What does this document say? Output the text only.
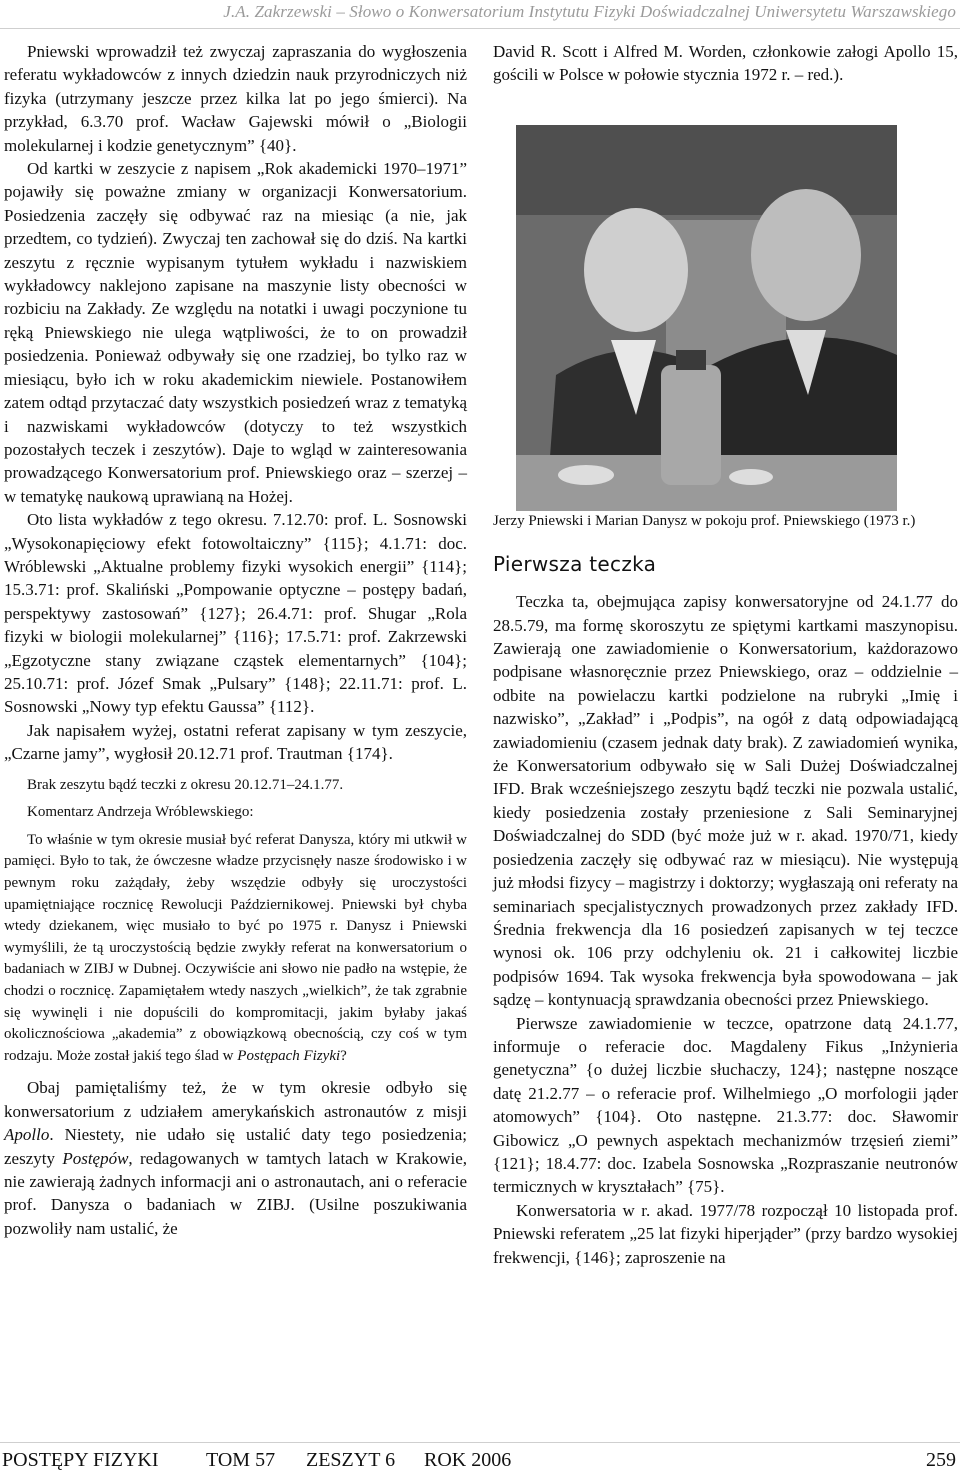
J.A. Zakrzewski – Słowo o Konwersatorium Instytutu Fizyki Doświadczalnej Uniwersytetu Warszawskiego

Pniewski wprowadził też zwyczaj zapraszania do wygłoszenia referatu wykładowców z innych dziedzin nauk przyrodniczych niż fizyka (utrzymany jeszcze przez kilka lat po jego śmierci). Na przykład, 6.3.70 prof. Wacław Gajewski mówił o „Biologii molekularnej i kodzie genetycznym” {40}.

Od kartki w zeszycie z napisem „Rok akademicki 1970–1971” pojawiły się poważne zmiany w organizacji Konwersatorium. Posiedzenia zaczęły się odbywać raz na miesiąc (a nie, jak przedtem, co tydzień). Zwyczaj ten zachował się do dziś. Na kartki zeszytu z ręcznie wypisanym tytułem wykładu i nazwiskiem wykładowcy naklejono zapisane na maszynie listy obecności w rozbiciu na Zakłady. Ze względu na notatki i uwagi poczynione tu ręką Pniewskiego nie ulega wątpliwości, że to on prowadził posiedzenia. Ponieważ odbywały się one rzadziej, bo tylko raz w miesiącu, było ich w roku akademickim niewiele. Postanowiłem zatem odtąd przytaczać daty wszystkich posiedzeń wraz z tematyką i nazwiskami wykładowców (dotyczy to też wszystkich pozostałych teczek i zeszytów). Daje to wgląd w zainteresowania prowadzącego Konwersatorium prof. Pniewskiego oraz – szerzej – w tematykę naukową uprawianą na Hożej.

Oto lista wykładów z tego okresu. 7.12.70: prof. L. Sosnowski „Wysokonapięciowy efekt fotowoltaiczny” {115}; 4.1.71: doc. Wróblewski „Aktualne problemy fizyki wysokich energii” {114}; 15.3.71: prof. Skaliński „Pompowanie optyczne – postępy badań, perspektywy zastosowań” {127}; 26.4.71: prof. Shugar „Rola fizyki w biologii molekularnej” {116}; 17.5.71: prof. Zakrzewski „Egzotyczne stany związane cząstek elementarnych” {104}; 25.10.71: prof. Józef Smak „Pulsary” {148}; 22.11.71: prof. L. Sosnowski „Nowy typ efektu Gaussa” {112}.

Jak napisałem wyżej, ostatni referat zapisany w tym zeszycie, „Czarne jamy”, wygłosił 20.12.71 prof. Trautman {174}.

Brak zeszytu bądź teczki z okresu 20.12.71–24.1.77.

Komentarz Andrzeja Wróblewskiego:

To właśnie w tym okresie musiał być referat Danysza, który mi utkwił w pamięci. Było to tak, że ówczesne władze przycisnęły nasze środowisko i w pewnym roku zażądały, żeby wszędzie odbyły się uroczystości upamiętniające rocznicę Rewolucji Październikowej. Pniewski był chyba wtedy dziekanem, więc musiało to być po 1975 r. Danysz i Pniewski wymyślili, że tą uroczystością będzie zwykły referat na konwersatorium o badaniach w ZIBJ w Dubnej. Oczywiście ani słowo nie padło na wstępie, że chodzi o rocznicę. Zapamiętałem wtedy naszych „wielkich”, że tak zgrabnie się wywinęli i nie dopuścili do kompromitacji, jakim byłaby jakaś okolicznościowa „akademia” z obowiązkową obecnością, czy coś w tym rodzaju. Może został jakiś tego ślad w Postępach Fizyki?

Obaj pamiętaliśmy też, że w tym okresie odbyło się konwersatorium z udziałem amerykańskich astronautów z misji Apollo. Niestety, nie udało się ustalić daty tego posiedzenia; zeszyty Postępów, redagowanych w tamtych latach w Krakowie, nie zawierają żadnych informacji ani o astronautach, ani o referacie prof. Danysza o badaniach w ZIBJ. (Usilne poszukiwania pozwoliły nam ustalić, że

David R. Scott i Alfred M. Worden, członkowie załogi Apollo 15, gościli w Polsce w połowie stycznia 1972 r. – red.).

Jerzy Pniewski i Marian Danysz w pokoju prof. Pniewskiego (1973 r.)

Pierwsza teczka

Teczka ta, obejmująca zapisy konwersatoryjne od 24.1.77 do 28.5.79, ma formę skoroszytu ze spiętymi kartkami maszynopisu. Zawierają one zawiadomienie o Konwersatorium, każdorazowo podpisane własnoręcznie przez Pniewskiego, oraz – oddzielnie – odbite na powielaczu kartki podzielone na rubryki „Imię i nazwisko”, „Zakład” i „Podpis”, na ogół z datą odpowiadającą zawiadomieniu (czasem jednak daty brak). Z zawiadomień wynika, że Konwersatorium odbywało się w Sali Dużej Doświadczalnej IFD. Brak wcześniejszego zeszytu bądź teczki nie pozwala ustalić, kiedy posiedzenia zostały przeniesione z Sali Seminaryjnej Doświadczalnej do SDD (być może już w r. akad. 1970/71, kiedy posiedzenia zaczęły się odbywać raz w miesiącu). Nie występują już młodsi fizycy – magistrzy i doktorzy; wygłaszają oni referaty na seminariach specjalistycznych prowadzonych przez zakłady IFD. Średnia frekwencja dla 16 posiedzeń zapisanych w tej teczce wynosi ok. 106 przy odchyleniu ok. 21 i całkowitej liczbie podpisów 1694. Tak wysoka frekwencja była spowodowana – jak sądzę – kontynuacją sprawdzania obecności przez Pniewskiego.

Pierwsze zawiadomienie w teczce, opatrzone datą 24.1.77, informuje o referacie doc. Magdaleny Fikus „Inżynieria genetyczna” {o dużej liczbie słuchaczy, 124}; następne noszące datę 21.2.77 – o referacie prof. Wilhelmiego „O morfologii jąder atomowych” {104}. Oto następne. 21.3.77: doc. Sławomir Gibowicz „O pewnych aspektach mechanizmów trzęsień ziemi” {121}; 18.4.77: doc. Izabela Sosnowska „Rozpraszanie neutronów termicznych w kryształach” {75}.

Konwersatoria w r. akad. 1977/78 rozpoczął 10 listopada prof. Pniewski referatem „25 lat fizyki hiperjąder” (przy bardzo wysokiej frekwencji, {146}; zaproszenie na

POSTĘPY FIZYKI TOM 57 ZESZYT 6 ROK 2006	259
